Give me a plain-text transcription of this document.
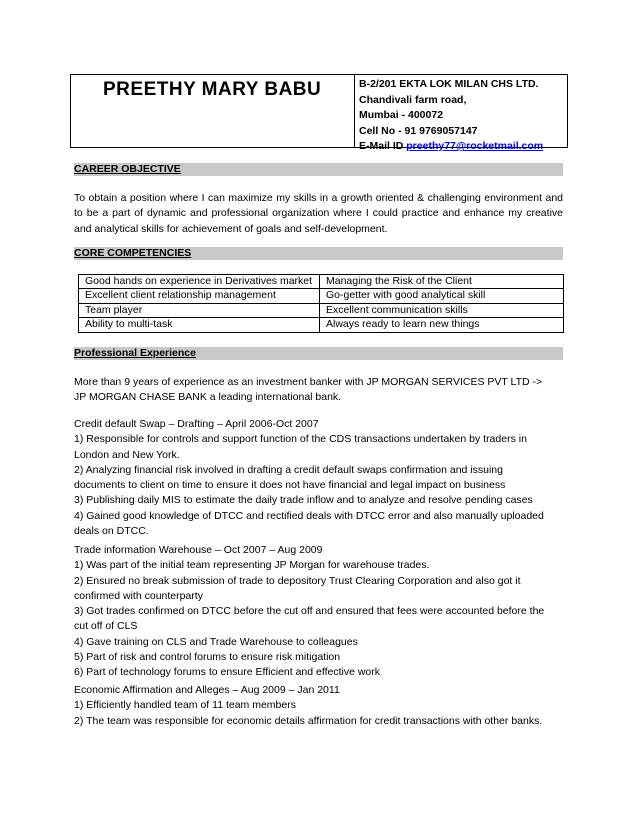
PREETHY MARY BABU	B-2/201 EKTA LOK MILAN CHS LTD.
Chandivali farm road,
Mumbai - 400072
Cell No - 91 9769057147
E-Mail ID preethy77@rocketmail.com
CAREER OBJECTIVE
To obtain a position where I can maximize my skills in a growth oriented & challenging environment and to be a part of dynamic and professional organization where I could practice and enhance my creative and analytical skills for achievement of goals and self-development.
CORE COMPETENCIES
Good hands on experience in Derivatives market	Managing the Risk of the Client
Excellent client relationship management	Go-getter with good analytical skill
Team player	Excellent communication skills
Ability to multi-task	Always ready to learn new things
Professional Experience
More than 9 years of experience as an investment banker with JP MORGAN SERVICES PVT LTD -> JP MORGAN CHASE BANK a leading international bank.
Credit default Swap – Drafting – April 2006-Oct 2007
1) Responsible for controls and support function of the CDS transactions undertaken by traders in
London and New York.
2) Analyzing financial risk involved in drafting a credit default swaps confirmation and issuing
documents to client on time to ensure it does not have financial and legal impact on business
3) Publishing daily MIS to estimate the daily trade inflow and to analyze and resolve pending cases
4) Gained good knowledge of DTCC and rectified deals with DTCC error and also manually uploaded
deals on DTCC.
Trade information Warehouse – Oct 2007 – Aug 2009
1) Was part of the initial team representing JP Morgan for warehouse trades.
2) Ensured no break submission of trade to depository Trust Clearing Corporation and also got it
confirmed with counterparty
3) Got trades confirmed on DTCC before the cut off and ensured that fees were accounted before the
cut off of CLS
4) Gave training on CLS and Trade Warehouse to colleagues
5) Part of risk and control forums to ensure risk mitigation
6) Part of technology forums to ensure Efficient and effective work
Economic Affirmation and Alleges – Aug 2009 – Jan 2011
1) Efficiently handled team of 11 team members
2) The team was responsible for economic details affirmation for credit transactions with other banks.
